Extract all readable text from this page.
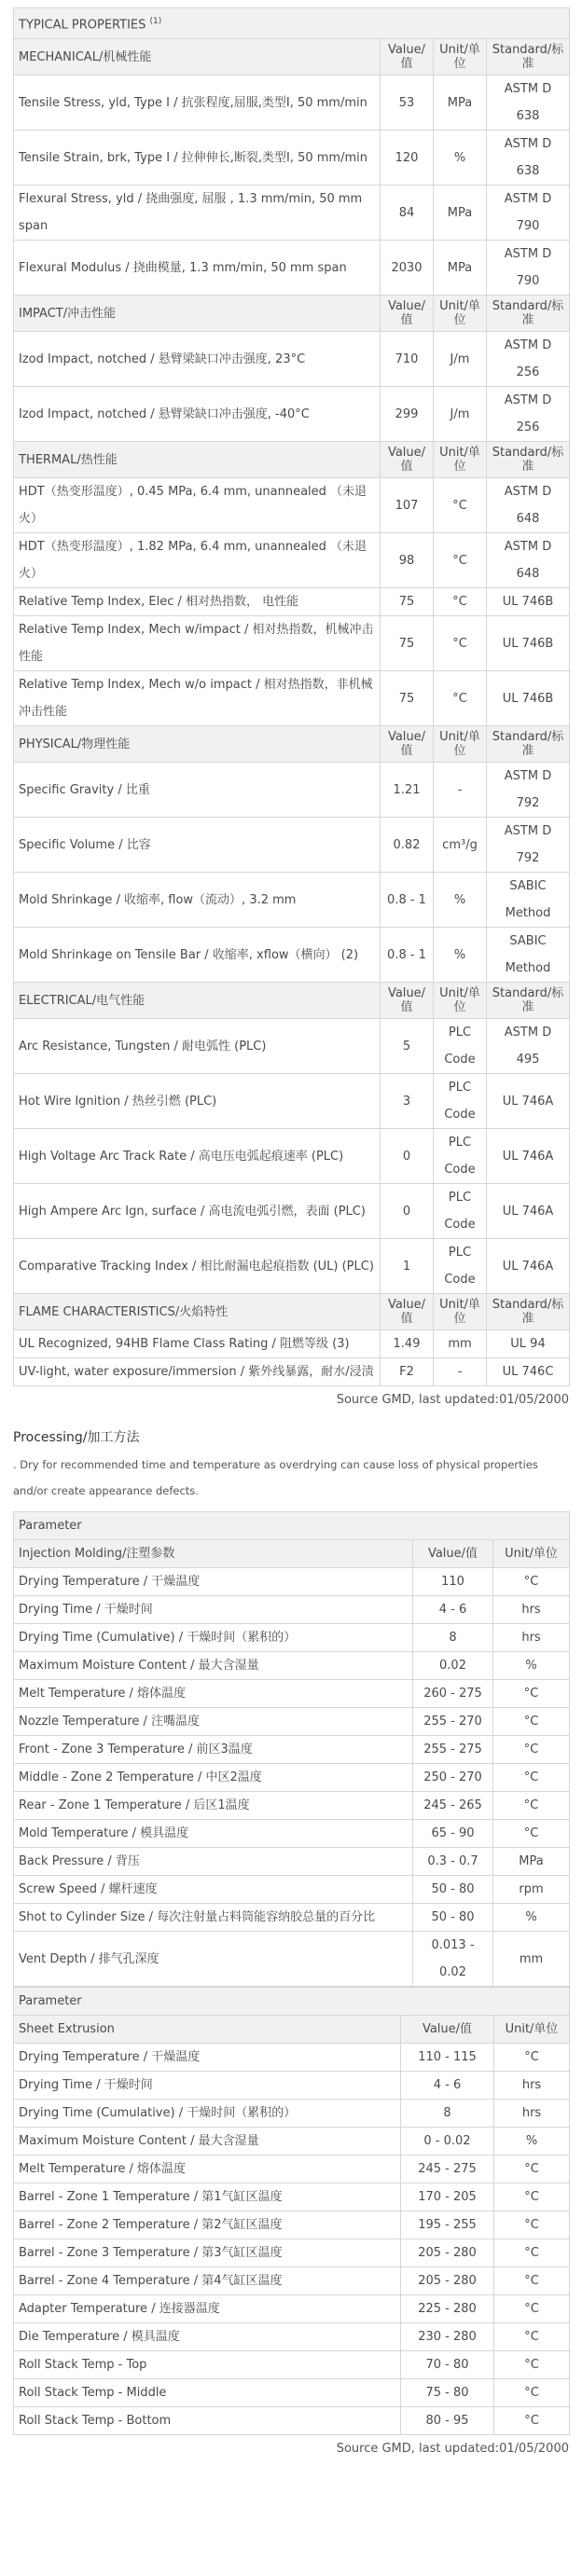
TYPICAL PROPERTIES $^{(1)}$
MECHANICAL/机械性能	Value/值	Unit/单位	Standard/标准
Tensile Stress, yld, Type I / 抗张程度,屈服,类型I, 50 mm/min	53	MPa	ASTM D 638
Tensile Strain, brk, Type I / 拉伸伸长,断裂,类型I, 50 mm/min	120	%	ASTM D 638
Flexural Stress, yld / 挠曲强度, 屈服 , 1.3 mm/min, 50 mm span	84	MPa	ASTM D 790
Flexural Modulus / 挠曲模量, 1.3 mm/min, 50 mm span	2030	MPa	ASTM D 790
IMPACT/冲击性能	Value/值	Unit/单位	Standard/标准
Izod Impact, notched / 悬臂梁缺口冲击强度, 23°C	710	J/m	ASTM D 256
Izod Impact, notched / 悬臂梁缺口冲击强度, -40°C	299	J/m	ASTM D 256
THERMAL/热性能	Value/值	Unit/单位	Standard/标准
HDT（热变形温度）, 0.45 MPa, 6.4 mm, unannealed （未退火）	107	°C	ASTM D 648
HDT（热变形温度）, 1.82 MPa, 6.4 mm, unannealed （未退火）	98	°C	ASTM D 648
Relative Temp Index, Elec / 相对热指数， 电性能	75	°C	UL 746B
Relative Temp Index, Mech w/impact / 相对热指数，机械冲击性能	75	°C	UL 746B
Relative Temp Index, Mech w/o impact / 相对热指数，非机械冲击性能	75	°C	UL 746B
PHYSICAL/物理性能	Value/值	Unit/单位	Standard/标准
Specific Gravity / 比重	1.21	-	ASTM D 792
Specific Volume / 比容	0.82	cm³/g	ASTM D 792
Mold Shrinkage / 收缩率, flow（流动）, 3.2 mm	0.8 - 1	%	SABIC Method
Mold Shrinkage on Tensile Bar / 收缩率, xflow（横向） (2)	0.8 - 1	%	SABIC Method
ELECTRICAL/电气性能	Value/值	Unit/单位	Standard/标准
Arc Resistance, Tungsten / 耐电弧性 (PLC)	5	PLC Code	ASTM D 495
Hot Wire Ignition / 热丝引燃 (PLC)	3	PLC Code	UL 746A
High Voltage Arc Track Rate / 高电压电弧起痕速率 (PLC)	0	PLC Code	UL 746A
High Ampere Arc Ign, surface / 高电流电弧引燃，表面 (PLC)	0	PLC Code	UL 746A
Comparative Tracking Index / 相比耐漏电起痕指数 (UL) (PLC)	1	PLC Code	UL 746A
FLAME CHARACTERISTICS/火焰特性	Value/值	Unit/单位	Standard/标准
UL Recognized, 94HB Flame Class Rating / 阻燃等级 (3)	1.49	mm	UL 94
UV-light, water exposure/immersion / 紫外线暴露，耐水/浸渍	F2	-	UL 746C
Source GMD, last updated:01/05/2000
Processing/加工方法

. Dry for recommended time and temperature as overdrying can cause loss of physical properties and/or create appearance defects.

Parameter		
Injection Molding/注塑参数	Value/值	Unit/单位
Drying Temperature / 干燥温度	110	°C
Drying Time / 干燥时间	4 - 6	hrs
Drying Time (Cumulative) / 干燥时间（累积的）	8	hrs
Maximum Moisture Content / 最大含湿量	0.02	%
Melt Temperature / 熔体温度	260 - 275	°C
Nozzle Temperature / 注嘴温度	255 - 270	°C
Front - Zone 3 Temperature / 前区3温度	255 - 275	°C
Middle - Zone 2 Temperature / 中区2温度	250 - 270	°C
Rear - Zone 1 Temperature / 后区1温度	245 - 265	°C
Mold Temperature / 模具温度	65 - 90	°C
Back Pressure / 背压	0.3 - 0.7	MPa
Screw Speed / 螺杆速度	50 - 80	rpm
Shot to Cylinder Size / 每次注射量占料筒能容纳胶总量的百分比	50 - 80	%
Vent Depth / 排气孔深度	0.013 - 0.02	mm
Parameter		
Sheet Extrusion	Value/值	Unit/单位
Drying Temperature / 干燥温度	110 - 115	°C
Drying Time / 干燥时间	4 - 6	hrs
Drying Time (Cumulative) / 干燥时间（累积的）	8	hrs
Maximum Moisture Content / 最大含湿量	0 - 0.02	%
Melt Temperature / 熔体温度	245 - 275	°C
Barrel - Zone 1 Temperature / 第1气缸区温度	170 - 205	°C
Barrel - Zone 2 Temperature / 第2气缸区温度	195 - 255	°C
Barrel - Zone 3 Temperature / 第3气缸区温度	205 - 280	°C
Barrel - Zone 4 Temperature / 第4气缸区温度	205 - 280	°C
Adapter Temperature / 连接器温度	225 - 280	°C
Die Temperature / 模具温度	230 - 280	°C
Roll Stack Temp - Top	70 - 80	°C
Roll Stack Temp - Middle	75 - 80	°C
Roll Stack Temp - Bottom	80 - 95	°C
Source GMD, last updated:01/05/2000
